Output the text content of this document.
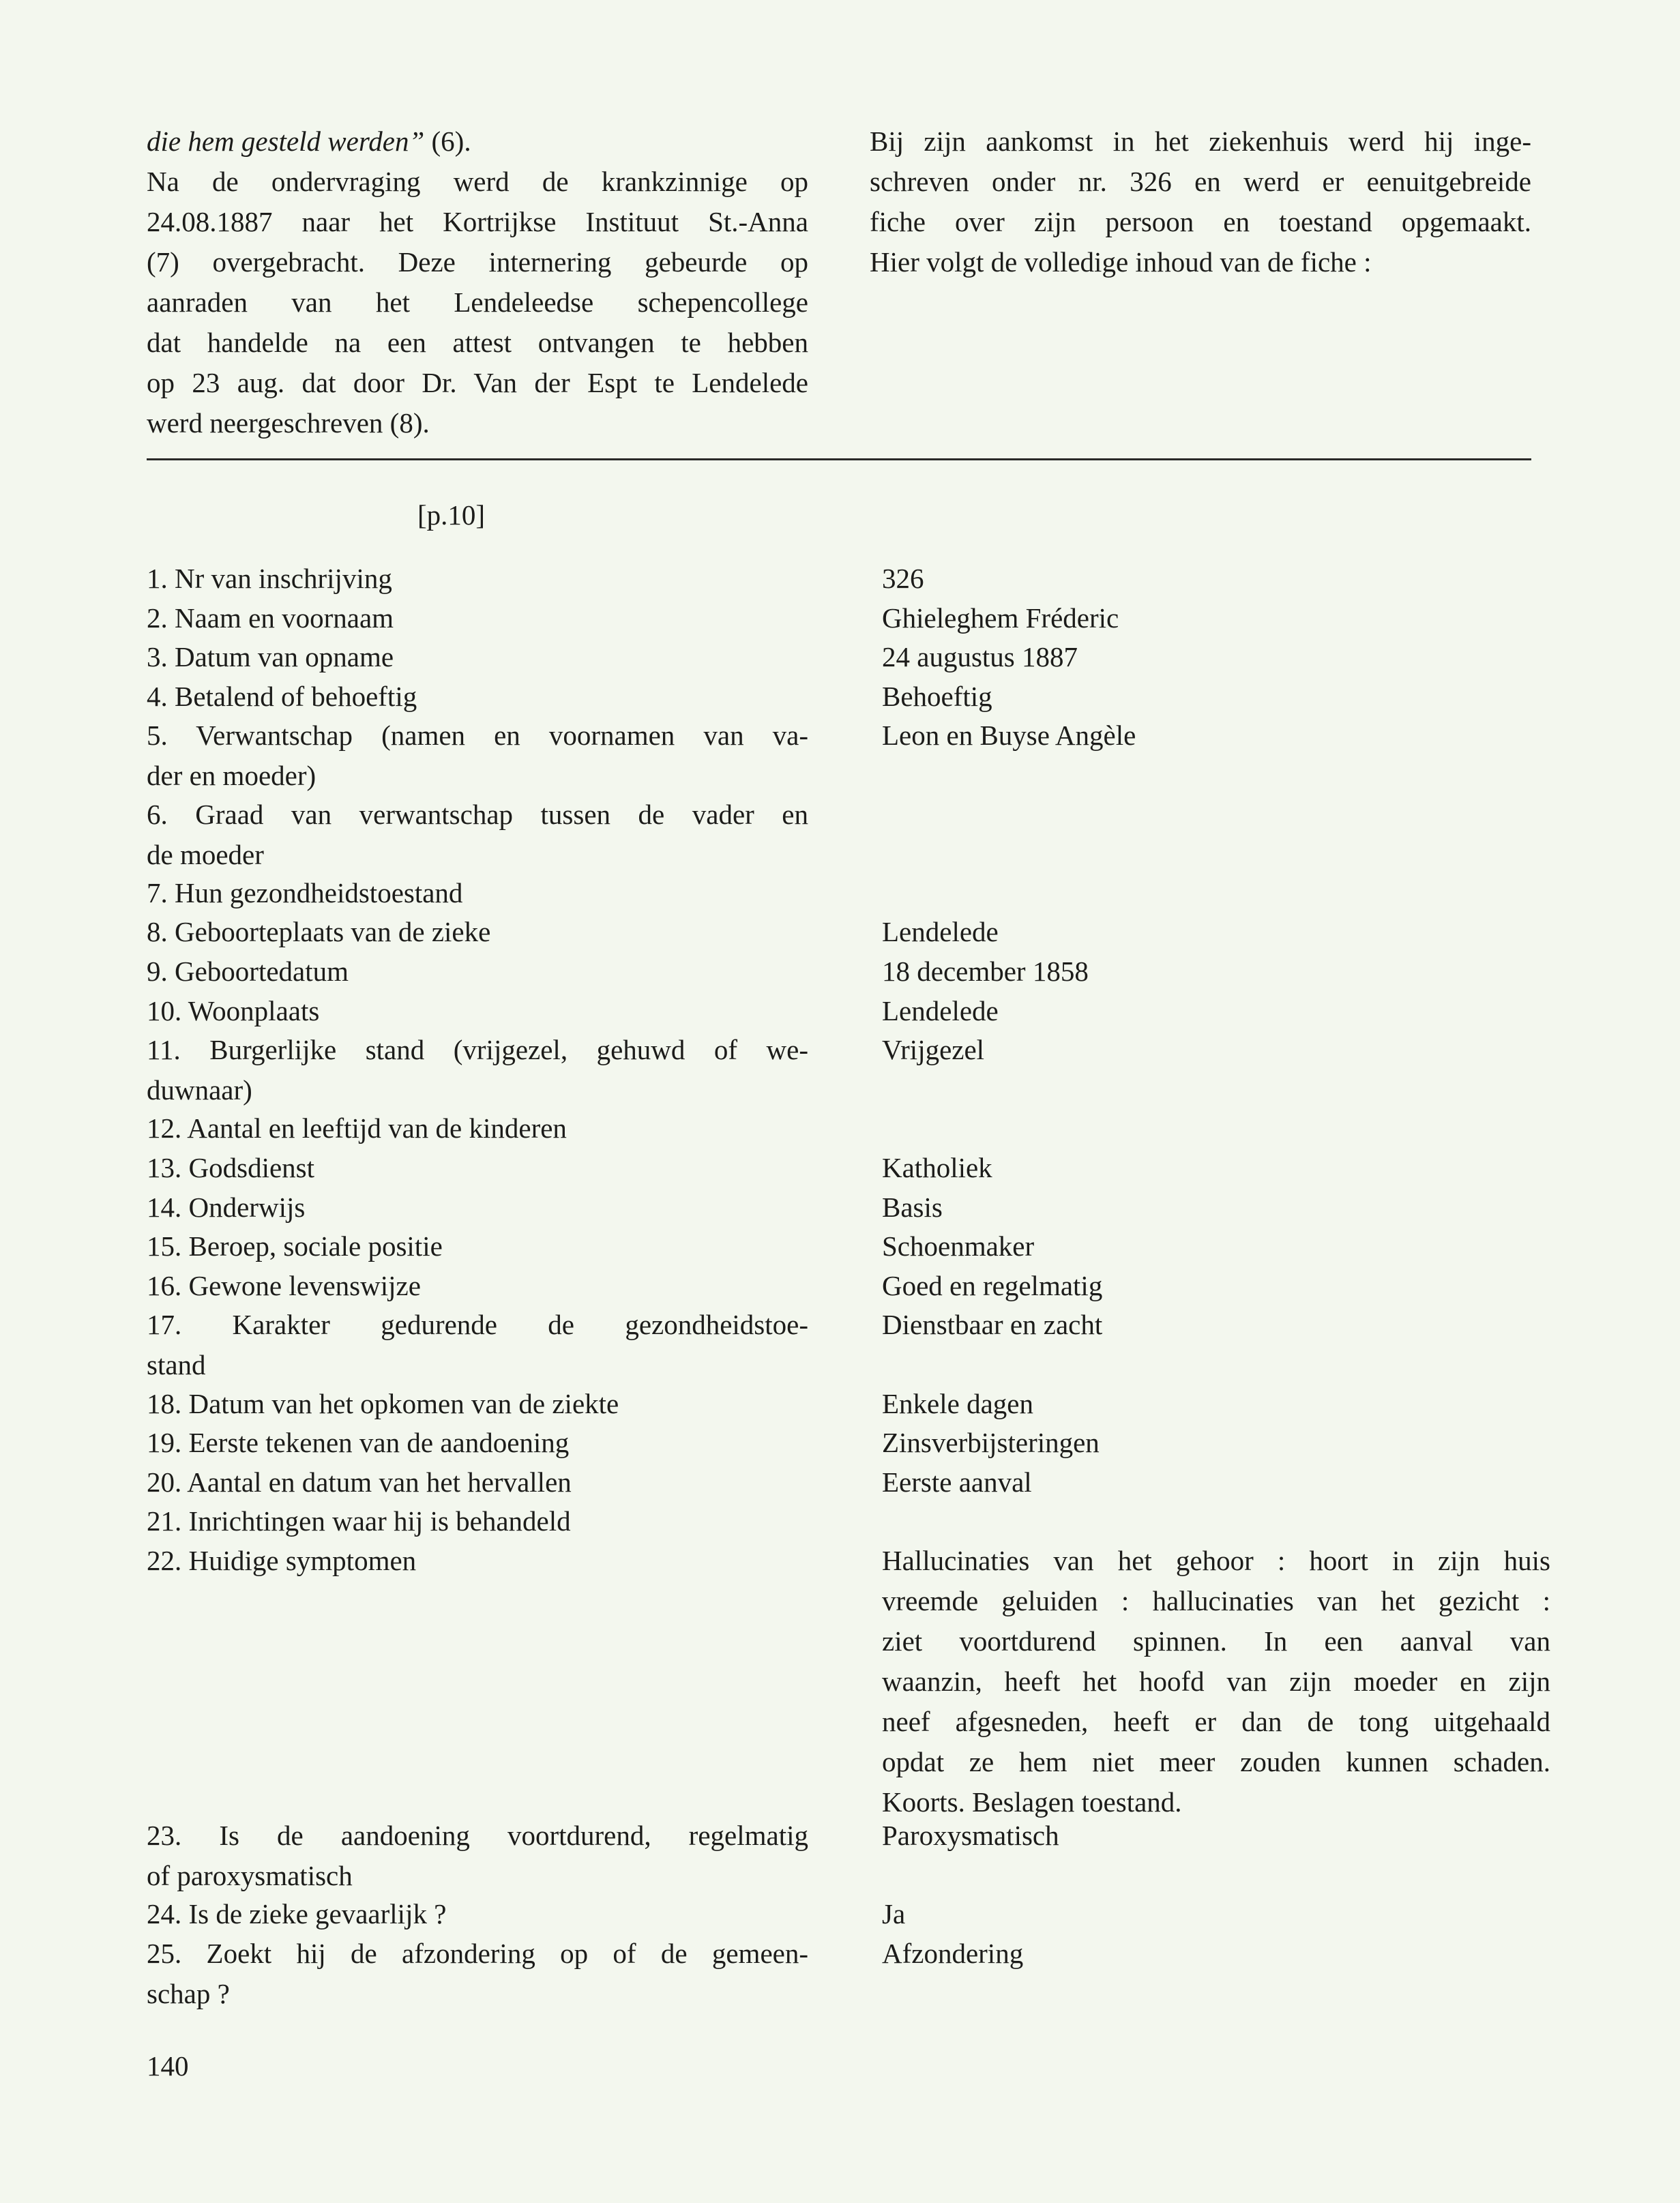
die hem gesteld werden” (6).
Na de ondervraging werd de krankzinnige op
24.08.1887 naar het Kortrijkse Instituut St.-Anna
(7) overgebracht. Deze internering gebeurde op
aanraden van het Lendeleedse schepencollege
dat handelde na een attest ontvangen te hebben
op 23 aug. dat door Dr. Van der Espt te Lendelede
werd neergeschreven (8).
Bij zijn aankomst in het ziekenhuis werd hij inge-
schreven onder nr. 326 en werd er eenuitgebreide
fiche over zijn persoon en toestand opgemaakt.
Hier volgt de volledige inhoud van de fiche :
[p.10]
1. Nr van inschrijving
2. Naam en voornaam
3. Datum van opname
4. Betalend of behoeftig
5. Verwantschap (namen en voornamen van va-
der en moeder)
6. Graad van verwantschap tussen de vader en
de moeder
7. Hun gezondheidstoestand
8. Geboorteplaats van de zieke
9. Geboortedatum
10. Woonplaats
11. Burgerlijke stand (vrijgezel, gehuwd of we-
duwnaar)
12. Aantal en leeftijd van de kinderen
13. Godsdienst
14. Onderwijs
15. Beroep, sociale positie
16. Gewone levenswijze
17. Karakter gedurende de gezondheidstoe-
stand
18. Datum van het opkomen van de ziekte
19. Eerste tekenen van de aandoening
20. Aantal en datum van het hervallen
21. Inrichtingen waar hij is behandeld
22. Huidige symptomen
23. Is de aandoening voortdurend, regelmatig
of paroxysmatisch
24. Is de zieke gevaarlijk ?
25. Zoekt hij de afzondering op of de gemeen-
schap ?
326
Ghieleghem Fréderic
24 augustus 1887
Behoeftig
Leon en Buyse Angèle
Lendelede
18 december 1858
Lendelede
Vrijgezel
Katholiek
Basis
Schoenmaker
Goed en regelmatig
Dienstbaar en zacht
Enkele dagen
Zinsverbijsteringen
Eerste aanval
Hallucinaties van het gehoor : hoort in zijn huis
vreemde geluiden : hallucinaties van het gezicht :
ziet voortdurend spinnen. In een aanval van
waanzin, heeft het hoofd van zijn moeder en zijn
neef afgesneden, heeft er dan de tong uitgehaald
opdat ze hem niet meer zouden kunnen schaden.
Koorts. Beslagen toestand.
Paroxysmatisch
Ja
Afzondering
140
